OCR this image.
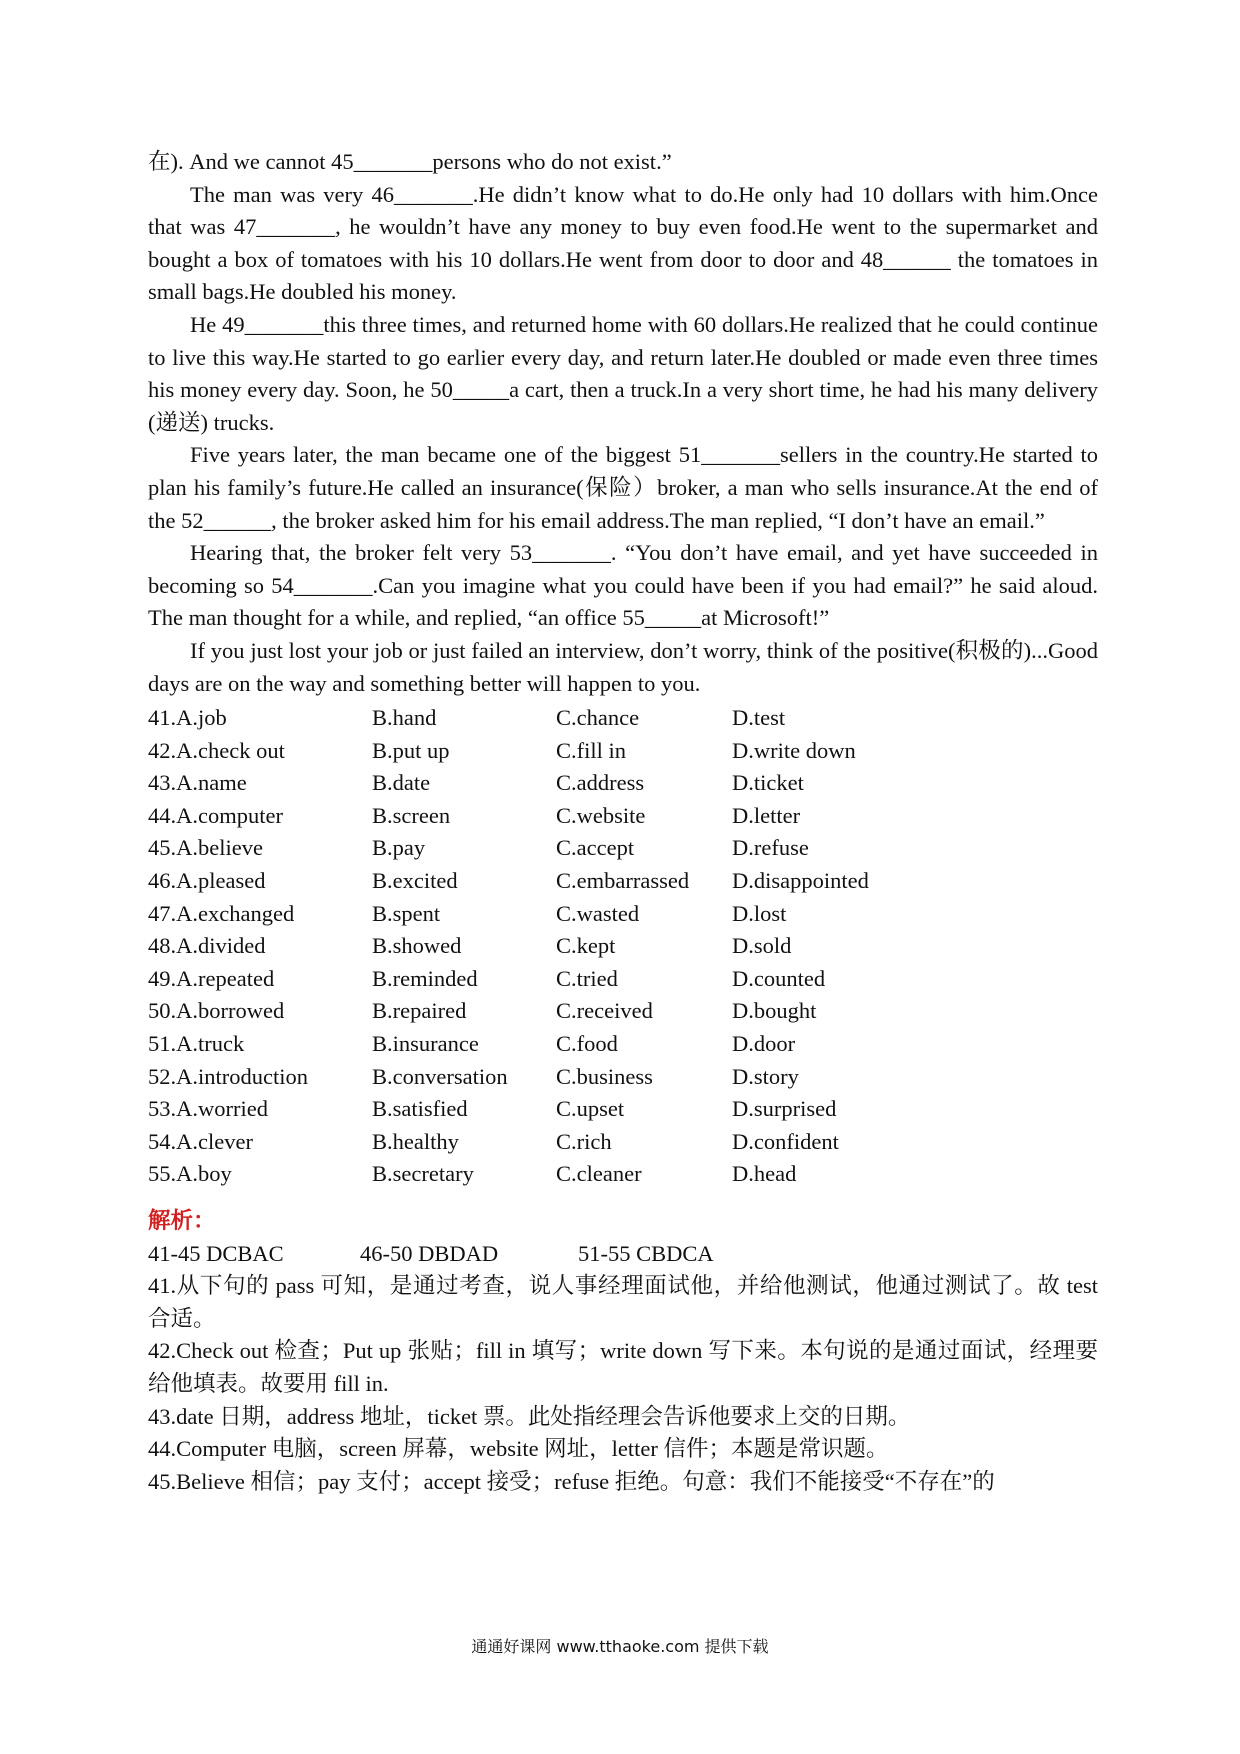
在). And we cannot 45_______persons who do not exist.”

The man was very 46_______.He didn’t know what to do.He only had 10 dollars with him.Once that was 47_______, he wouldn’t have any money to buy even food.He went to the supermarket and bought a box of tomatoes with his 10 dollars.He went from door to door and 48______ the tomatoes in small bags.He doubled his money.

He 49_______this three times, and returned home with 60 dollars.He realized that he could continue to live this way.He started to go earlier every day, and return later.He doubled or made even three times his money every day. Soon, he 50_____a cart, then a truck.In a very short time, he had his many delivery (递送) trucks.

Five years later, the man became one of the biggest 51_______sellers in the country.He started to plan his family’s future.He called an insurance(保险）broker, a man who sells insurance.At the end of the 52______, the broker asked him for his email address.The man replied, “I don’t have an email.”

Hearing that, the broker felt very 53_______. “You don’t have email, and yet have succeeded in becoming so 54_______.Can you imagine what you could have been if you had email?” he said aloud. The man thought for a while, and replied, “an office 55_____at Microsoft!”

If you just lost your job or just failed an interview, don’t worry, think of the positive(积极的)...Good days are on the way and something better will happen to you.

41.A.job	B.hand	C.chance	D.test
42.A.check out	B.put up	C.fill in	D.write down
43.A.name	B.date	C.address	D.ticket
44.A.computer	B.screen	C.website	D.letter
45.A.believe	B.pay	C.accept	D.refuse
46.A.pleased	B.excited	C.embarrassed	D.disappointed
47.A.exchanged	B.spent	C.wasted	D.lost
48.A.divided	B.showed	C.kept	D.sold
49.A.repeated	B.reminded	C.tried	D.counted
50.A.borrowed	B.repaired	C.received	D.bought
51.A.truck	B.insurance	C.food	D.door
52.A.introduction	B.conversation	C.business	D.story
53.A.worried	B.satisfied	C.upset	D.surprised
54.A.clever	B.healthy	C.rich	D.confident
55.A.boy	B.secretary	C.cleaner	D.head
解析：
41-45 DCBAC	46-50 DBDAD	51-55 CBDCA

41.从下句的 pass 可知，是通过考查，说人事经理面试他，并给他测试，他通过测试了。故 test 合适。

42.Check out 检查；Put up 张贴；fill in 填写；write down 写下来。本句说的是通过面试，经理要给他填表。故要用 fill in.

43.date 日期，address 地址，ticket 票。此处指经理会告诉他要求上交的日期。

44.Computer 电脑，screen 屏幕，website 网址，letter 信件；本题是常识题。

45.Believe 相信；pay 支付；accept 接受；refuse 拒绝。句意：我们不能接受“不存在”的

通通好课网 www.tthaoke.com 提供下载
